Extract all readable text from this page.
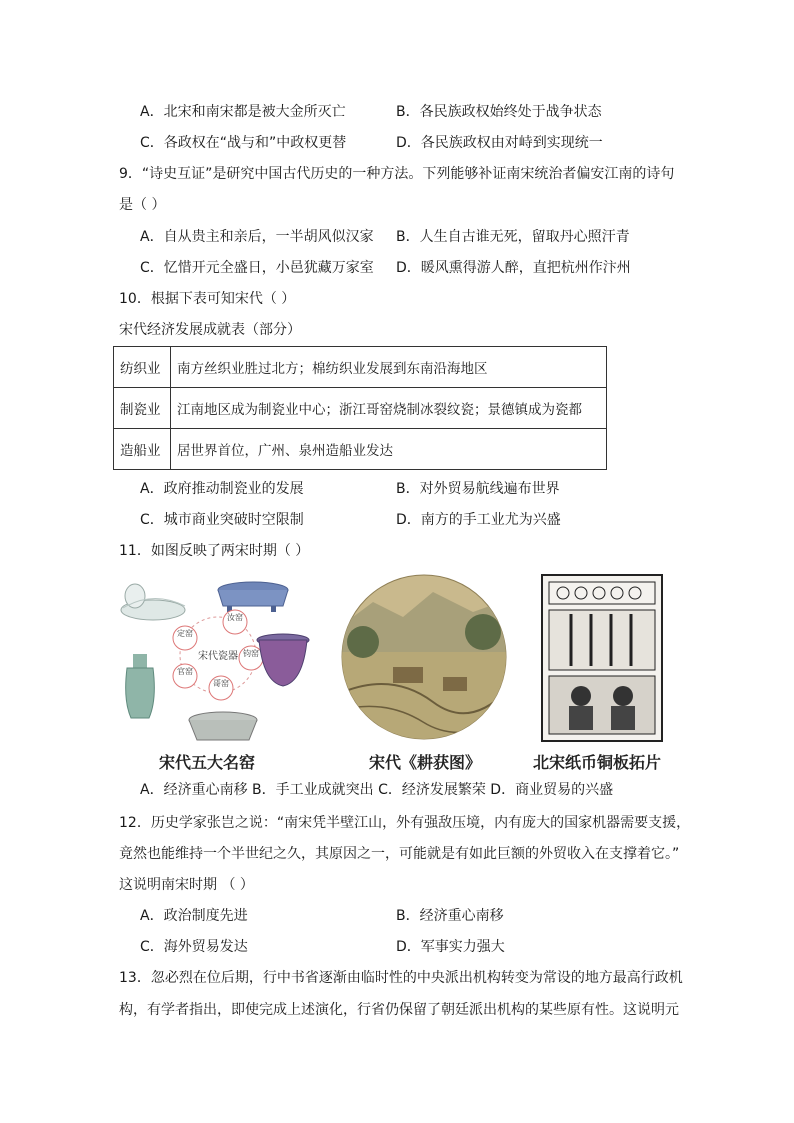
A．北宋和南宋都是被大金所灭亡	B．各民族政权始终处于战争状态
C．各政权在“战与和”中政权更替	D．各民族政权由对峙到实现统一
9．“诗史互证”是研究中国古代历史的一种方法。下列能够补证南宋统治者偏安江南的诗句
是（ ）
A．自从贵主和亲后，一半胡风似汉家 B．人生自古谁无死，留取丹心照汗青
C．忆惜开元全盛日，小邑犹藏万家室 D．暖风熏得游人醉，直把杭州作汴州
10．根据下表可知宋代（ ）
宋代经济发展成就表（部分）
纺织业	南方丝织业胜过北方；棉纺织业发展到东南沿海地区
制瓷业	江南地区成为制瓷业中心；浙江哥窑烧制冰裂纹瓷；景德镇成为瓷都
造船业	居世界首位，广州、泉州造船业发达
A．政府推动制瓷业的发展	B．对外贸易航线遍布世界
C．城市商业突破时空限制	D．南方的手工业尤为兴盛
11．如图反映了两宋时期（ ）
宋代瓷器
定窑
汝窑
钧窑
哥窑
官窑
宋代五大名窑	宋代《耕获图》	北宋纸币铜板拓片
A．经济重心南移 B．手工业成就突出 C．经济发展繁荣 D．商业贸易的兴盛
12．历史学家张岂之说：“南宋凭半壁江山，外有强敌压境，内有庞大的国家机器需要支援，
竟然也能维持一个半世纪之久，其原因之一，可能就是有如此巨额的外贸收入在支撑着它。”
这说明南宋时期 （ ）
A．政治制度先进	B．经济重心南移
C．海外贸易发达	D．军事实力强大
13．忽必烈在位后期，行中书省逐渐由临时性的中央派出机构转变为常设的地方最高行政机
构，有学者指出，即使完成上述演化，行省仍保留了朝廷派出机构的某些原有性。这说明元
